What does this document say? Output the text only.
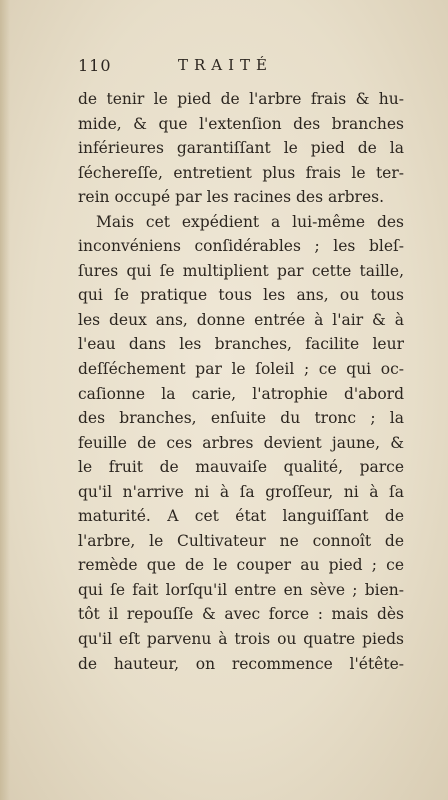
110	TRAITÉ
de tenir le pied de l'arbre frais & hu-
mide, & que l'extenſion des branches
inférieures garantiſſant le pied de la
ſéchereſſe, entretient plus frais le ter-
rein occupé par les racines des arbres.
Mais cet expédient a lui-même des
inconvéniens conſidérables ; les bleſ-
ſures qui ſe multiplient par cette taille,
qui ſe pratique tous les ans, ou tous
les deux ans, donne entrée à l'air & à
l'eau dans les branches, facilite leur
deſſéchement par le ſoleil ; ce qui oc-
caſionne la carie, l'atrophie d'abord
des branches, enſuite du tronc ; la
feuille de ces arbres devient jaune, &
le fruit de mauvaiſe qualité, parce
qu'il n'arrive ni à ſa groſſeur, ni à ſa
maturité. A cet état languiſſant de
l'arbre, le Cultivateur ne connoît de
remède que de le couper au pied ; ce
qui ſe fait lorſqu'il entre en sève ; bien-
tôt il repouſſe & avec force : mais dès
qu'il eſt parvenu à trois ou quatre pieds
de hauteur, on recommence l'étête-
